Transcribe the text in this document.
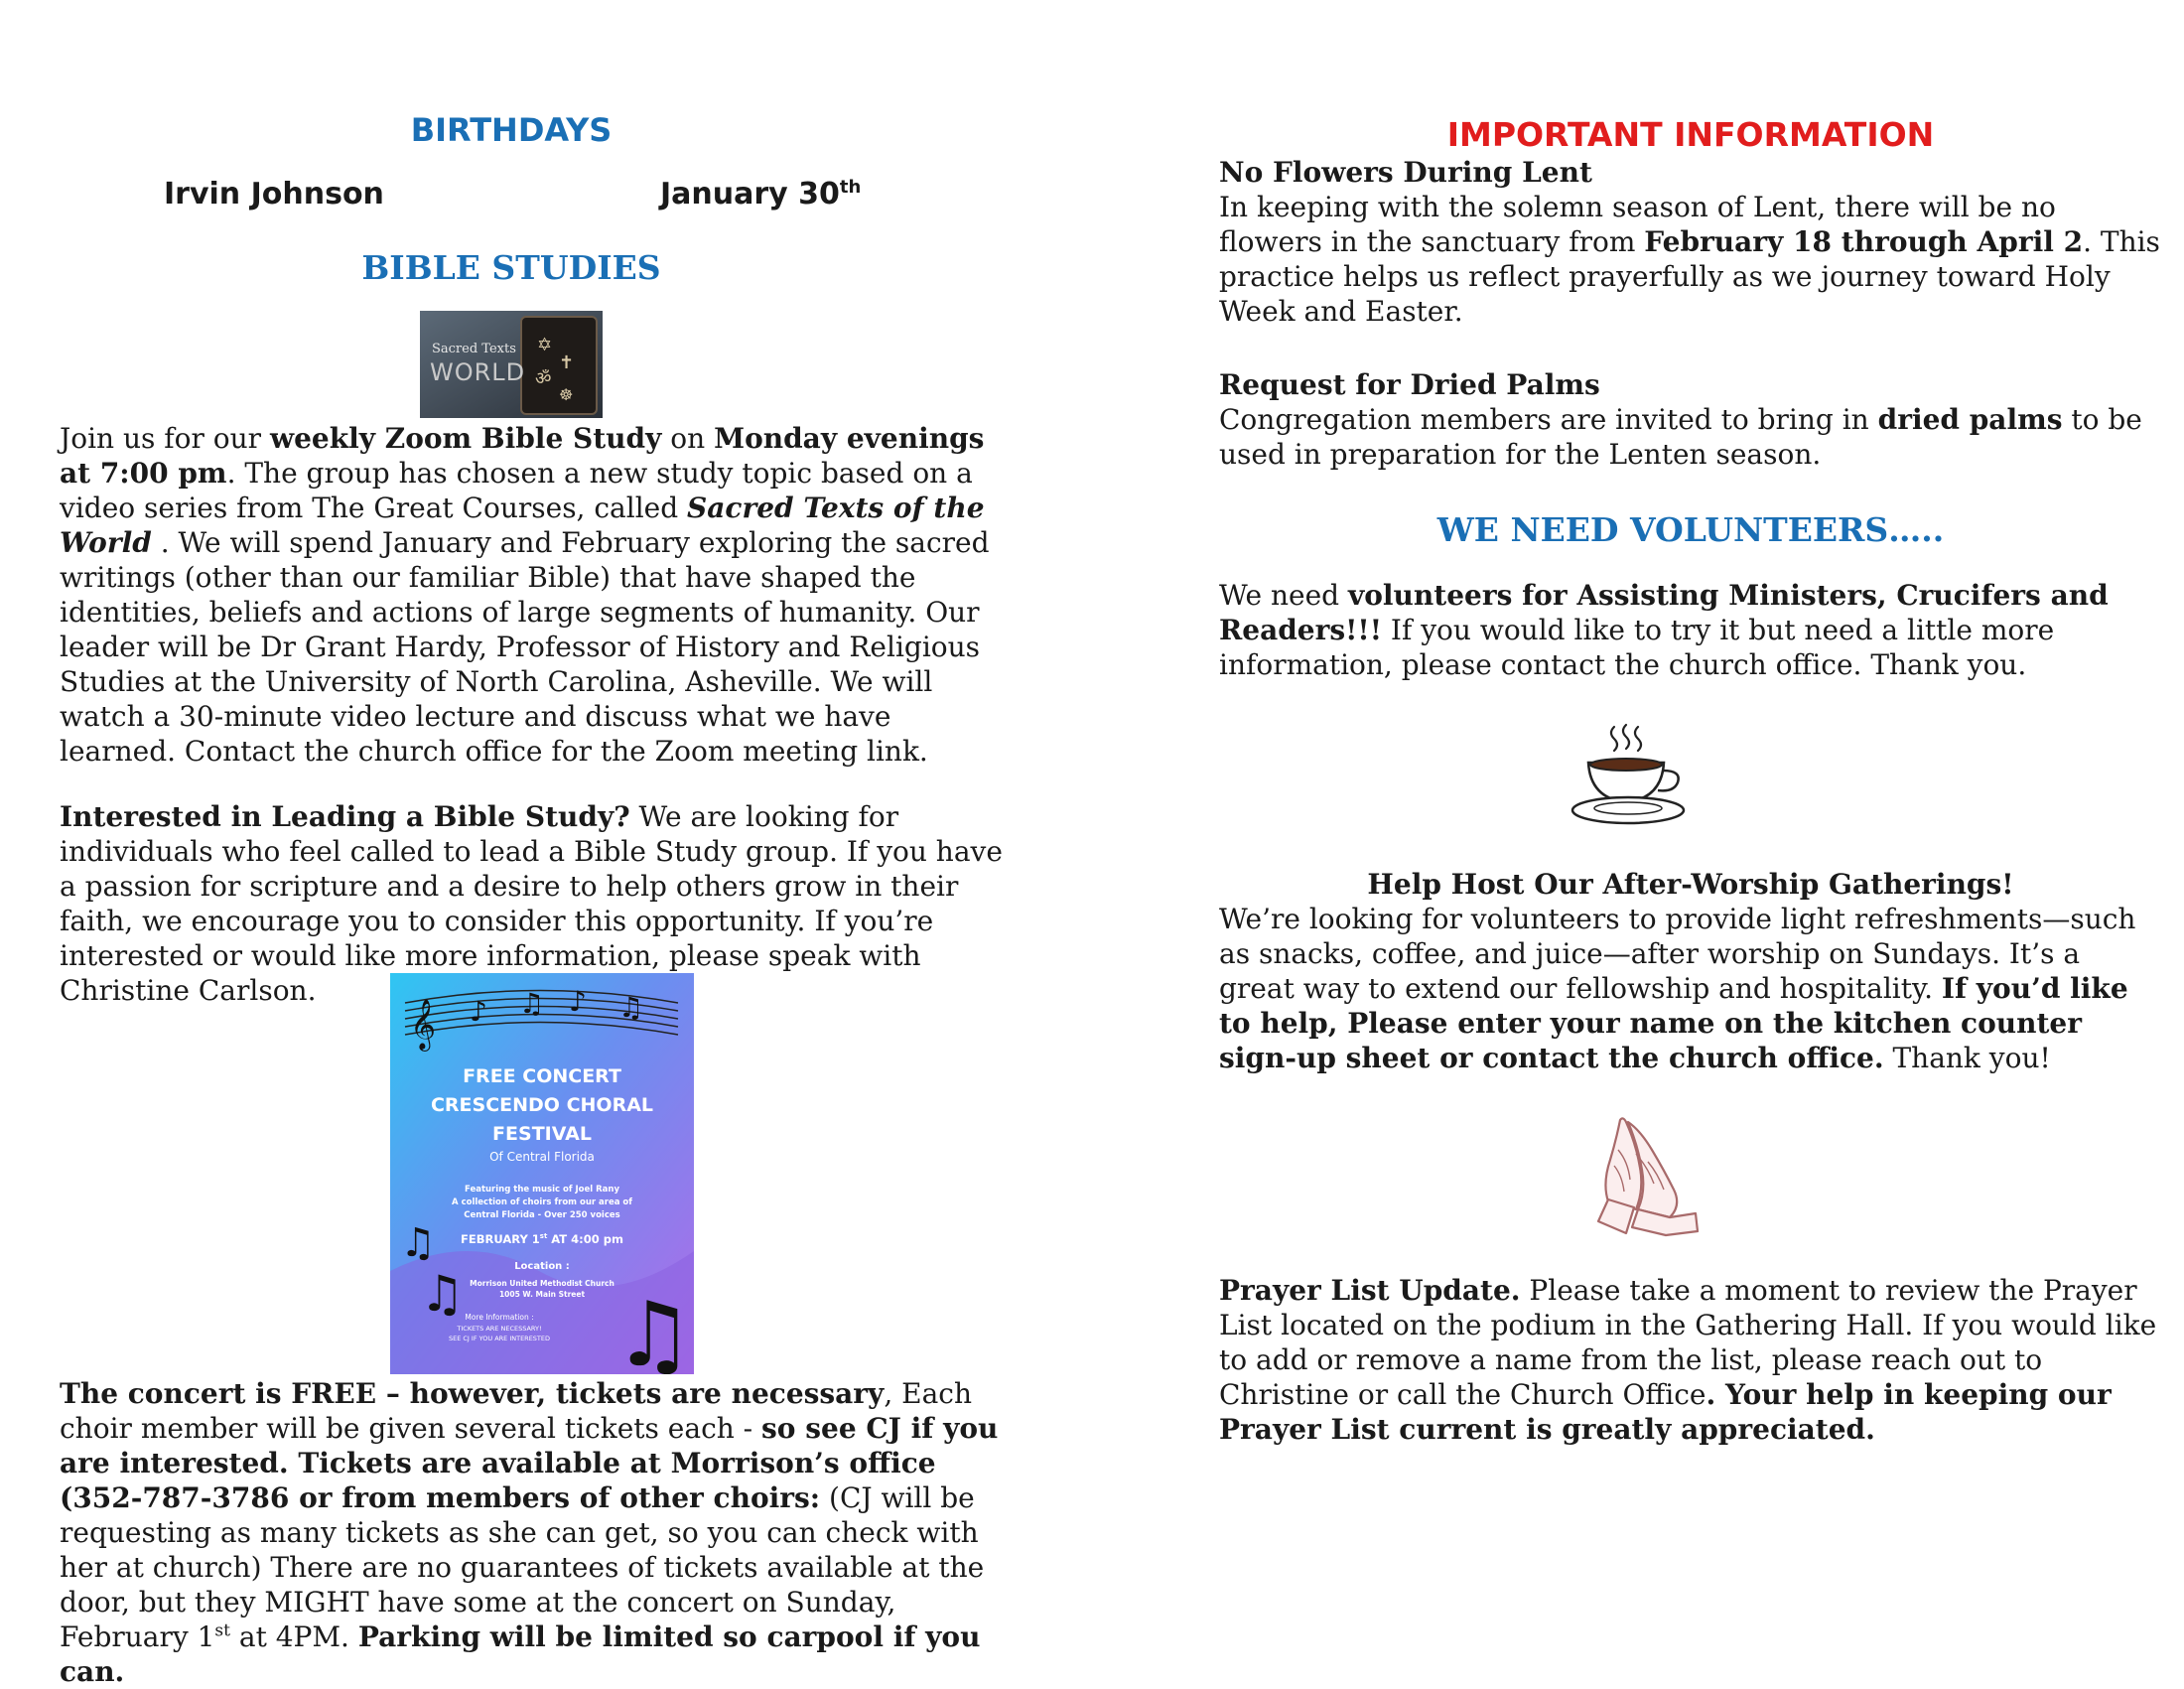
BIRTHDAYS
Irvin Johnson	January 30th
BIBLE STUDIES
✡
✝
ॐ
☸
Sacred Texts
WORLD

Join us for our weekly Zoom Bible Study on Monday evenings at 7:00 pm. The group has chosen a new study topic based on a video series from The Great Courses, called Sacred Texts of the World . We will spend January and February exploring the sacred writings (other than our familiar Bible) that have shaped the identities, beliefs and actions of large segments of humanity. Our leader will be Dr Grant Hardy, Professor of History and Religious Studies at the University of North Carolina, Asheville. We will watch a 30-minute video lecture and discuss what we have learned. Contact the church office for the Zoom meeting link.

Interested in Leading a Bible Study? We are looking for individuals who feel called to lead a Bible Study group. If you have a passion for scripture and a desire to help others grow in their faith, we encourage you to consider this opportunity. If you’re interested or would like more information, please speak with Christine Carlson.

𝄞 ♪ ♫ ♪ ♫
FREE CONCERT
CRESCENDO CHORAL
FESTIVAL
Of Central Florida
Featuring the music of Joel Rany
A collection of choirs from our area of
Central Florida - Over 250 voices
FEBRUARY 1st AT 4:00 pm
Location :
Morrison United Methodist Church
1005 W. Main Street
More Information :
TICKETS ARE NECESSARY!
SEE CJ IF YOU ARE INTERESTED
♫
♫ ♫

The concert is FREE – however, tickets are necessary, Each choir member will be given several tickets each - so see CJ if you are interested. Tickets are available at Morrison’s office (352-787-3786 or from members of other choirs: (CJ will be requesting as many tickets as she can get, so you can check with her at church) There are no guarantees of tickets available at the door, but they MIGHT have some at the concert on Sunday, February 1st at 4PM. Parking will be limited so carpool if you can.

IMPORTANT INFORMATION

No Flowers During Lent

In keeping with the solemn season of Lent, there will be no flowers in the sanctuary from February 18 through April 2. This practice helps us reflect prayerfully as we journey toward Holy Week and Easter.

Request for Dried Palms

Congregation members are invited to bring in dried palms to be used in preparation for the Lenten season.

WE NEED VOLUNTEERS…..

We need volunteers for Assisting Ministers, Crucifers and Readers!!! If you would like to try it but need a little more information, please contact the church office. Thank you.

Help Host Our After-Worship Gatherings!

We’re looking for volunteers to provide light refreshments—such as snacks, coffee, and juice—after worship on Sundays. It’s a great way to extend our fellowship and hospitality. If you’d like to help, Please enter your name on the kitchen counter sign-up sheet or contact the church office. Thank you!

Prayer List Update. Please take a moment to review the Prayer List located on the podium in the Gathering Hall. If you would like to add or remove a name from the list, please reach out to Christine or call the Church Office. Your help in keeping our Prayer List current is greatly appreciated.
